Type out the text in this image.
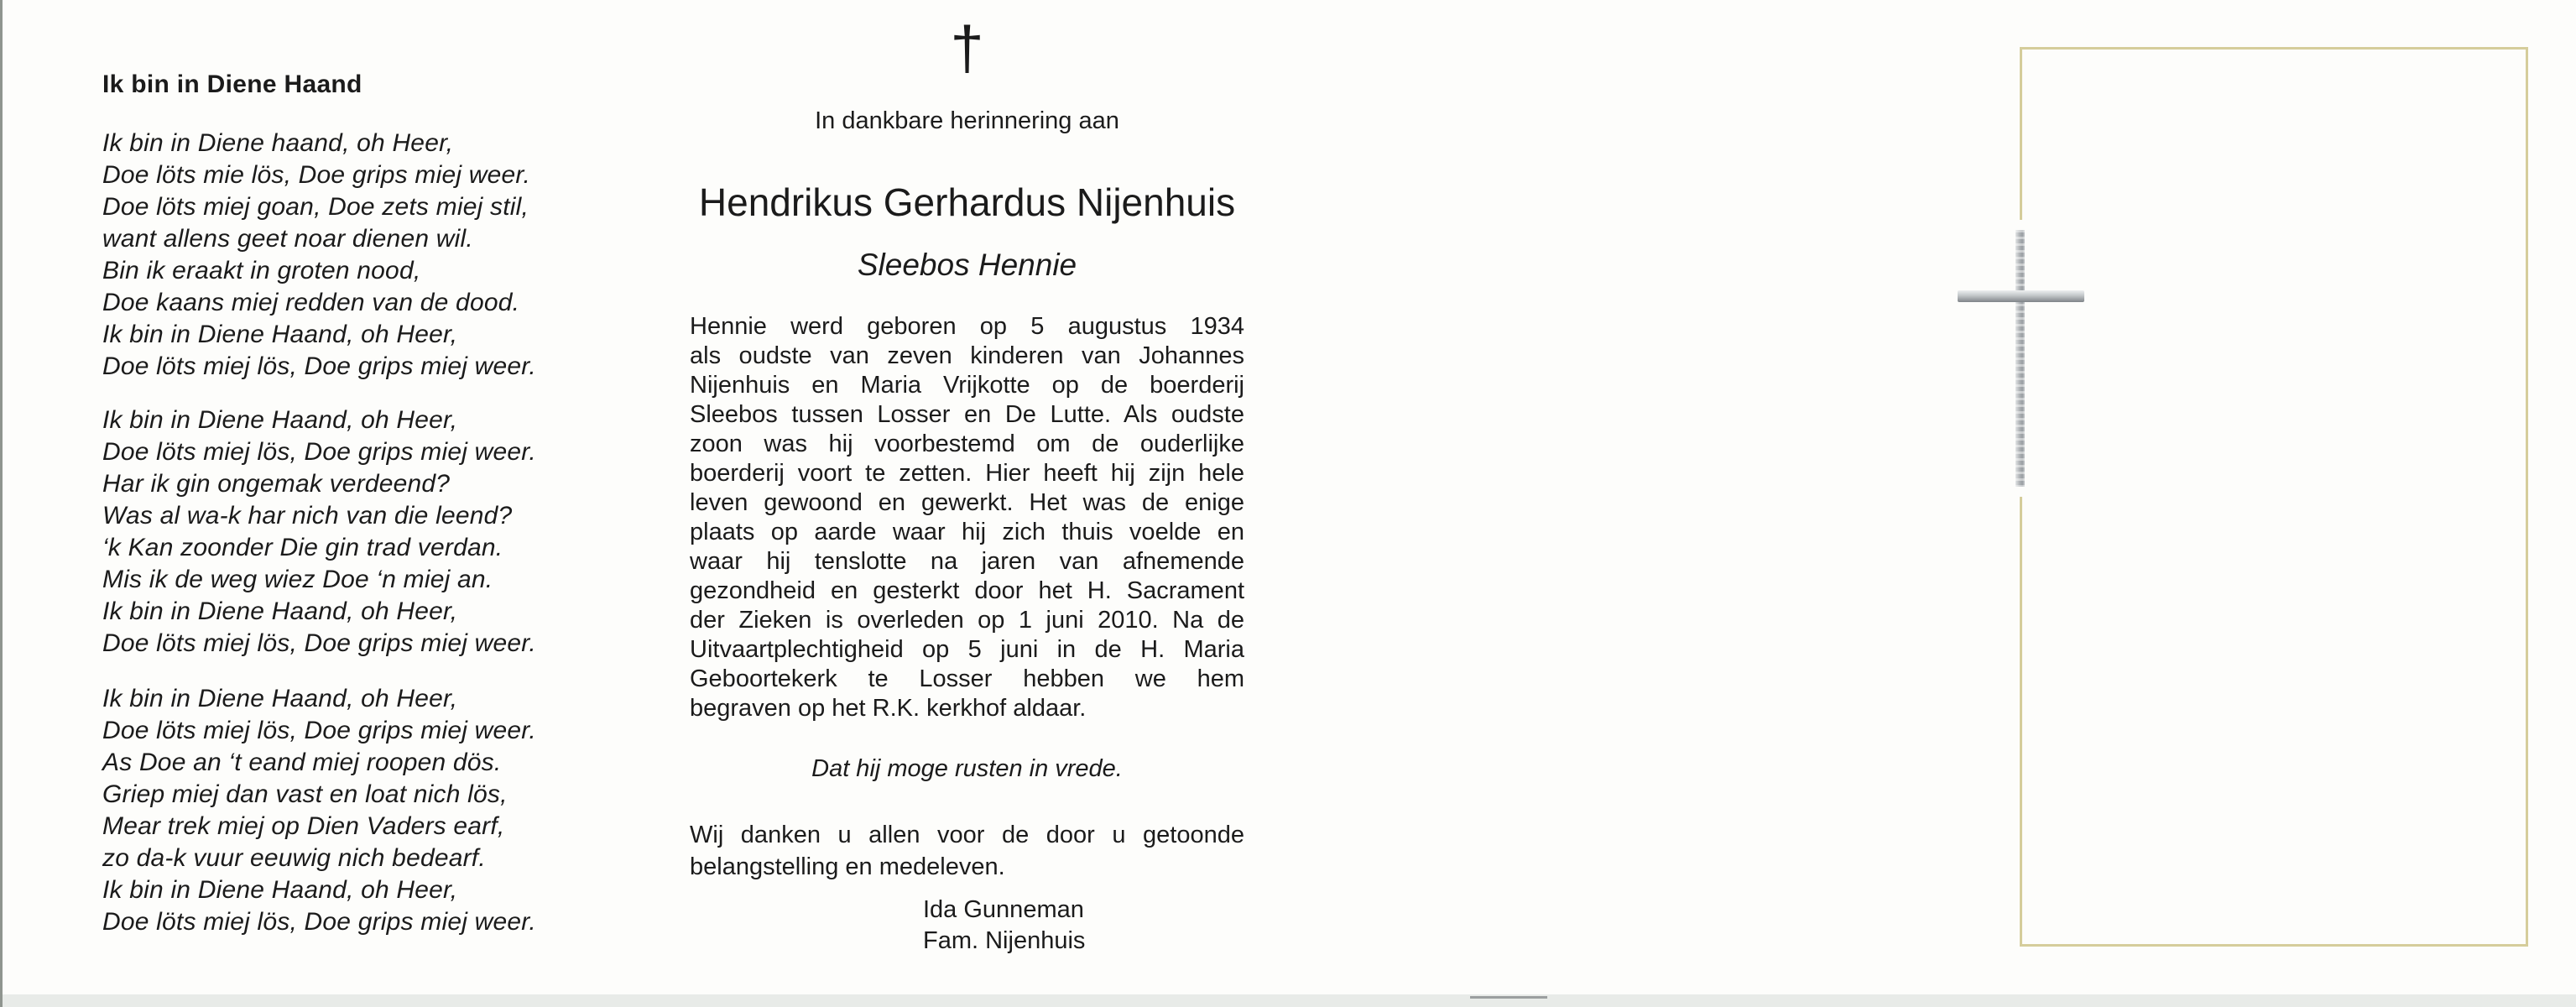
Ik bin in Diene Haand
Ik bin in Diene haand, oh Heer,
Doe löts mie lös, Doe grips miej weer.
Doe löts miej goan, Doe zets miej stil,
want allens geet noar dienen wil.
Bin ik eraakt in groten nood,
Doe kaans miej redden van de dood.
Ik bin in Diene Haand, oh Heer,
Doe löts miej lös, Doe grips miej weer.
Ik bin in Diene Haand, oh Heer,
Doe löts miej lös, Doe grips miej weer.
Har ik gin ongemak verdeend?
Was al wa-k har nich van die leend?
‘k Kan zoonder Die gin trad verdan.
Mis ik de weg wiez Doe ‘n miej an.
Ik bin in Diene Haand, oh Heer,
Doe löts miej lös, Doe grips miej weer.
Ik bin in Diene Haand, oh Heer,
Doe löts miej lös, Doe grips miej weer.
As Doe an ‘t eand miej roopen dös.
Griep miej dan vast en loat nich lös,
Mear trek miej op Dien Vaders earf,
zo da-k vuur eeuwig nich bedearf.
Ik bin in Diene Haand, oh Heer,
Doe löts miej lös, Doe grips miej weer.
†
In dankbare herinnering aan
Hendrikus Gerhardus Nijenhuis
Sleebos Hennie
Hennie werd geboren op 5 augustus 1934
als oudste van zeven kinderen van Johannes
Nijenhuis en Maria Vrijkotte op de boerderij
Sleebos tussen Losser en De Lutte. Als oudste
zoon was hij voorbestemd om de ouderlijke
boerderij voort te zetten. Hier heeft hij zijn hele
leven gewoond en gewerkt. Het was de enige
plaats op aarde waar hij zich thuis voelde en
waar hij tenslotte na jaren van afnemende
gezondheid en gesterkt door het H. Sacrament
der Zieken is overleden op 1 juni 2010. Na de
Uitvaartplechtigheid op 5 juni in de H. Maria
Geboortekerk te Losser hebben we hem
begraven op het R.K. kerkhof aldaar.
Dat hij moge rusten in vrede.
Wij danken u allen voor de door u getoonde
belangstelling en medeleven.
Ida Gunneman
Fam. Nijenhuis
